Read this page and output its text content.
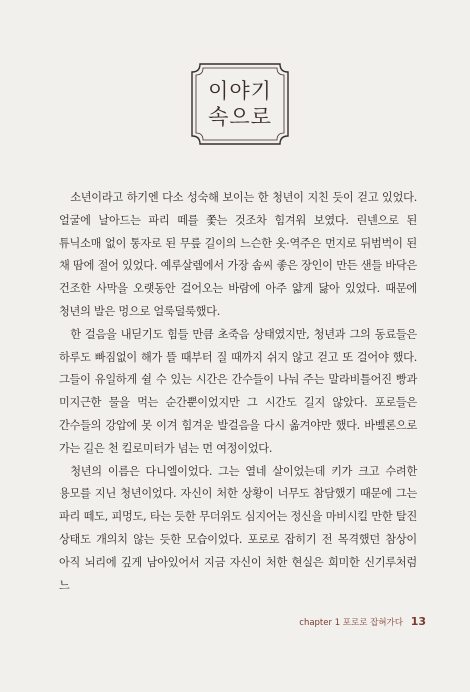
이야기
속으로

소년이라고 하기엔 다소 성숙해 보이는 한 청년이 지친 듯이 걷고 있었다. 얼굴에 날아드는 파리 떼를 쫓는 것조차 힘겨워 보였다. 린넨으로 된 튜닉소매 없이 통자로 된 무릎 길이의 느슨한 옷·역주은 먼지로 뒤범벅이 된 채 땀에 절어 있었다. 예루살렘에서 가장 솜씨 좋은 장인이 만든 샌들 바닥은 건조한 사막을 오랫동안 걸어오는 바람에 아주 얇게 닳아 있었다. 때문에 청년의 발은 멍으로 얼룩덜룩했다.

한 걸음을 내딛기도 힘들 만큼 초죽음 상태였지만, 청년과 그의 동료들은 하루도 빠짐없이 해가 뜰 때부터 질 때까지 쉬지 않고 걷고 또 걸어야 했다. 그들이 유일하게 쉴 수 있는 시간은 간수들이 나눠 주는 말라비틀어진 빵과 미지근한 물을 먹는 순간뿐이었지만 그 시간도 길지 않았다. 포로들은 간수들의 강압에 못 이겨 힘겨운 발걸음을 다시 옮겨야만 했다. 바벨론으로 가는 길은 천 킬로미터가 넘는 먼 여정이었다.

청년의 이름은 다니엘이었다. 그는 열네 살이었는데 키가 크고 수려한 용모를 지닌 청년이었다. 자신이 처한 상황이 너무도 참담했기 때문에 그는 파리 떼도, 피멍도, 타는 듯한 무더위도 심지어는 정신을 마비시킬 만한 탈진 상태도 개의치 않는 듯한 모습이었다. 포로로 잡히기 전 목격했던 참상이 아직 뇌리에 깊게 남아있어서 지금 자신이 처한 현실은 희미한 신기루처럼 느

chapter 1 포로로 잡혀가다 13
